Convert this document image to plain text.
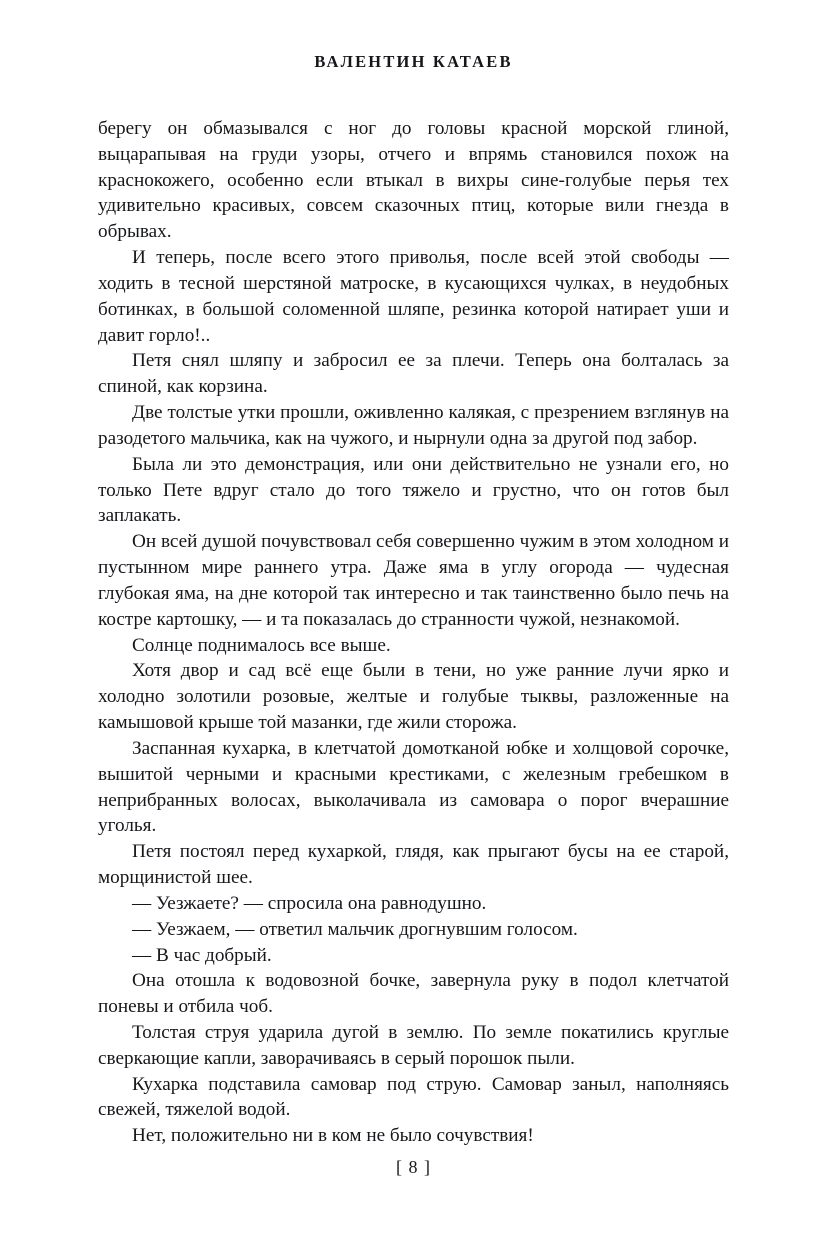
ВАЛЕНТИН КАТАЕВ

берегу он обмазывался с ног до головы красной морской глиной, выцарапывая на груди узоры, отчего и впрямь становился похож на краснокожего, особенно если втыкал в вихры сине-голубые перья тех удивительно красивых, совсем сказочных птиц, которые вили гнезда в обрывах.

И теперь, после всего этого приволья, после всей этой свободы — ходить в тесной шерстяной матроске, в кусающихся чулках, в неудобных ботинках, в большой соломенной шляпе, резинка которой натирает уши и давит горло!..

Петя снял шляпу и забросил ее за плечи. Теперь она болталась за спиной, как корзина.

Две толстые утки прошли, оживленно калякая, с презрением взглянув на разодетого мальчика, как на чужого, и нырнули одна за другой под забор.

Была ли это демонстрация, или они действительно не узнали его, но только Пете вдруг стало до того тяжело и грустно, что он готов был заплакать.

Он всей душой почувствовал себя совершенно чужим в этом холодном и пустынном мире раннего утра. Даже яма в углу огорода — чудесная глубокая яма, на дне которой так интересно и так таинственно было печь на костре картошку, — и та показалась до странности чужой, незнакомой.

Солнце поднималось все выше.

Хотя двор и сад всё еще были в тени, но уже ранние лучи ярко и холодно золотили розовые, желтые и голубые тыквы, разложенные на камышовой крыше той мазанки, где жили сторожа.

Заспанная кухарка, в клетчатой домотканой юбке и холщовой сорочке, вышитой черными и красными крестиками, с железным гребешком в неприбранных волосах, выколачивала из самовара о порог вчерашние уголья.

Петя постоял перед кухаркой, глядя, как прыгают бусы на ее старой, морщинистой шее.

— Уезжаете? — спросила она равнодушно.

— Уезжаем, — ответил мальчик дрогнувшим голосом.

— В час добрый.

Она отошла к водовозной бочке, завернула руку в подол клетчатой поневы и отбила чоб.

Толстая струя ударила дугой в землю. По земле покатились круглые сверкающие капли, заворачиваясь в серый порошок пыли.

Кухарка подставила самовар под струю. Самовар заныл, наполняясь свежей, тяжелой водой.

Нет, положительно ни в ком не было сочувствия!

[ 8 ]
